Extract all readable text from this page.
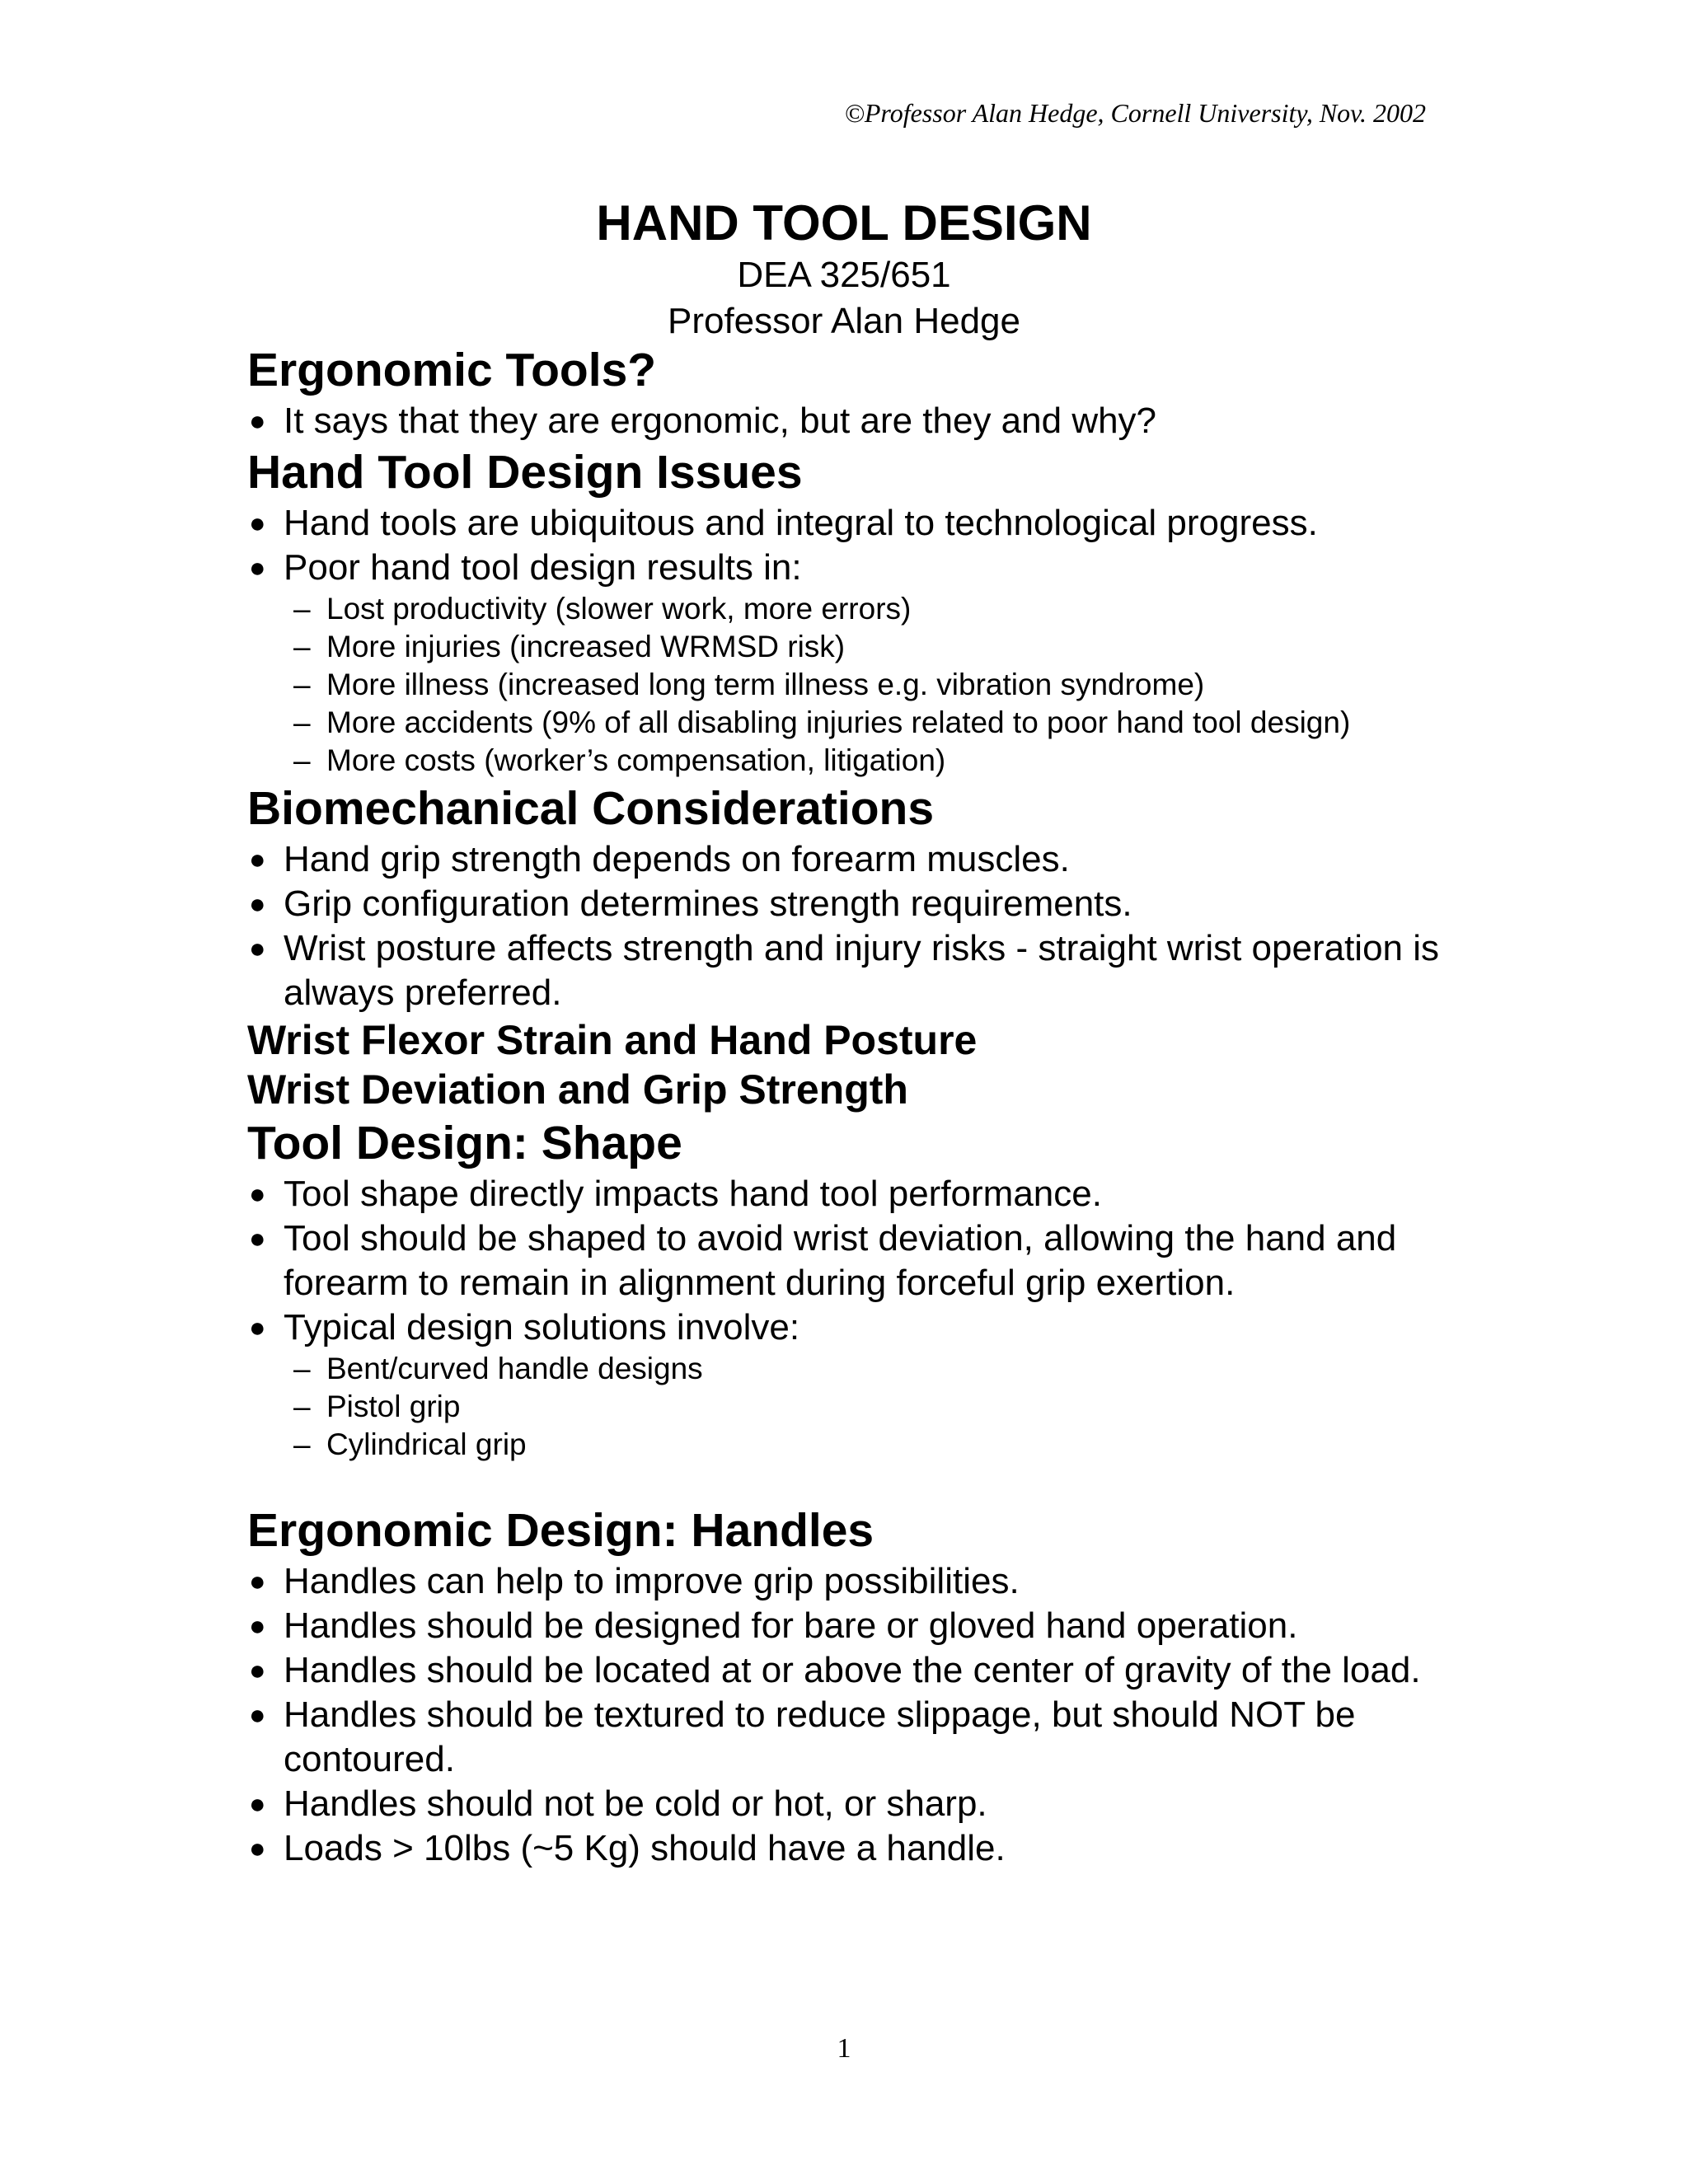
©Professor Alan Hedge, Cornell University, Nov. 2002
HAND TOOL DESIGN
DEA 325/651
Professor Alan Hedge
Ergonomic Tools?
● It says that they are ergonomic, but are they and why?
Hand Tool Design Issues
● Hand tools are ubiquitous and integral to technological progress.
● Poor hand tool design results in:
– Lost productivity (slower work, more errors)
– More injuries (increased WRMSD risk)
– More illness (increased long term illness e.g. vibration syndrome)
– More accidents (9% of all disabling injuries related to poor hand tool design)
– More costs (worker’s compensation, litigation)
Biomechanical Considerations
● Hand grip strength depends on forearm muscles.
● Grip configuration determines strength requirements.
● Wrist posture affects strength and injury risks - straight wrist operation is always preferred.
Wrist Flexor Strain and Hand Posture
Wrist Deviation and Grip Strength
Tool Design: Shape
● Tool shape directly impacts hand tool performance.
● Tool should be shaped to avoid wrist deviation, allowing the hand and forearm to remain in alignment during forceful grip exertion.
● Typical design solutions involve:
– Bent/curved handle designs
– Pistol grip
– Cylindrical grip
Ergonomic Design: Handles
● Handles can help to improve grip possibilities.
● Handles should be designed for bare or gloved hand operation.
● Handles should be located at or above the center of gravity of the load.
● Handles should be textured to reduce slippage, but should NOT be contoured.
● Handles should not be cold or hot, or sharp.
● Loads > 10lbs (~5 Kg) should have a handle.
1
